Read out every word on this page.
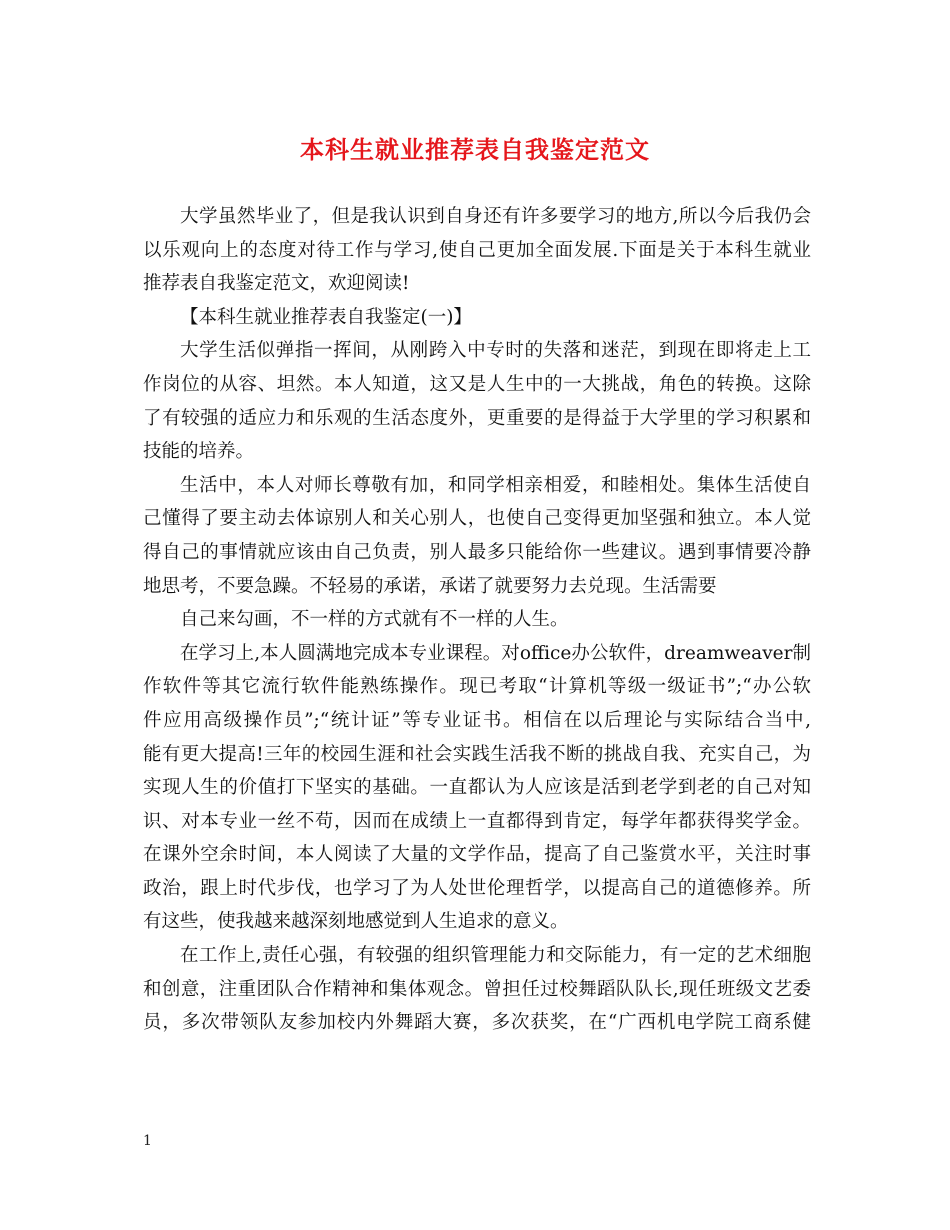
本科生就业推荐表自我鉴定范文
大学虽然毕业了，但是我认识到自身还有许多要学习的地方,所以今后我仍会
以乐观向上的态度对待工作与学习,使自己更加全面发展.下面是关于本科生就业
推荐表自我鉴定范文，欢迎阅读!
【本科生就业推荐表自我鉴定(一)】
大学生活似弹指一挥间，从刚跨入中专时的失落和迷茫，到现在即将走上工
作岗位的从容、坦然。本人知道，这又是人生中的一大挑战，角色的转换。这除
了有较强的适应力和乐观的生活态度外，更重要的是得益于大学里的学习积累和
技能的培养。
生活中，本人对师长尊敬有加，和同学相亲相爱，和睦相处。集体生活使自
己懂得了要主动去体谅别人和关心别人，也使自己变得更加坚强和独立。本人觉
得自己的事情就应该由自己负责，别人最多只能给你一些建议。遇到事情要冷静
地思考，不要急躁。不轻易的承诺，承诺了就要努力去兑现。生活需要
自己来勾画，不一样的方式就有不一样的人生。
在学习上,本人圆满地完成本专业课程。对office办公软件，dreamweaver制
作软件等其它流行软件能熟练操作。现已考取“计算机等级一级证书”;“办公软
件应用高级操作员”;“统计证”等专业证书。相信在以后理论与实际结合当中,
能有更大提高!三年的校园生涯和社会实践生活我不断的挑战自我、充实自己，为
实现人生的价值打下坚实的基础。一直都认为人应该是活到老学到老的自己对知
识、对本专业一丝不苟，因而在成绩上一直都得到肯定，每学年都获得奖学金。
在课外空余时间，本人阅读了大量的文学作品，提高了自己鉴赏水平，关注时事
政治，跟上时代步伐，也学习了为人处世伦理哲学，以提高自己的道德修养。所
有这些，使我越来越深刻地感觉到人生追求的意义。
在工作上,责任心强，有较强的组织管理能力和交际能力，有一定的艺术细胞
和创意，注重团队合作精神和集体观念。曾担任过校舞蹈队队长,现任班级文艺委
员，多次带领队友参加校内外舞蹈大赛，多次获奖，在“广西机电学院工商系健
1
